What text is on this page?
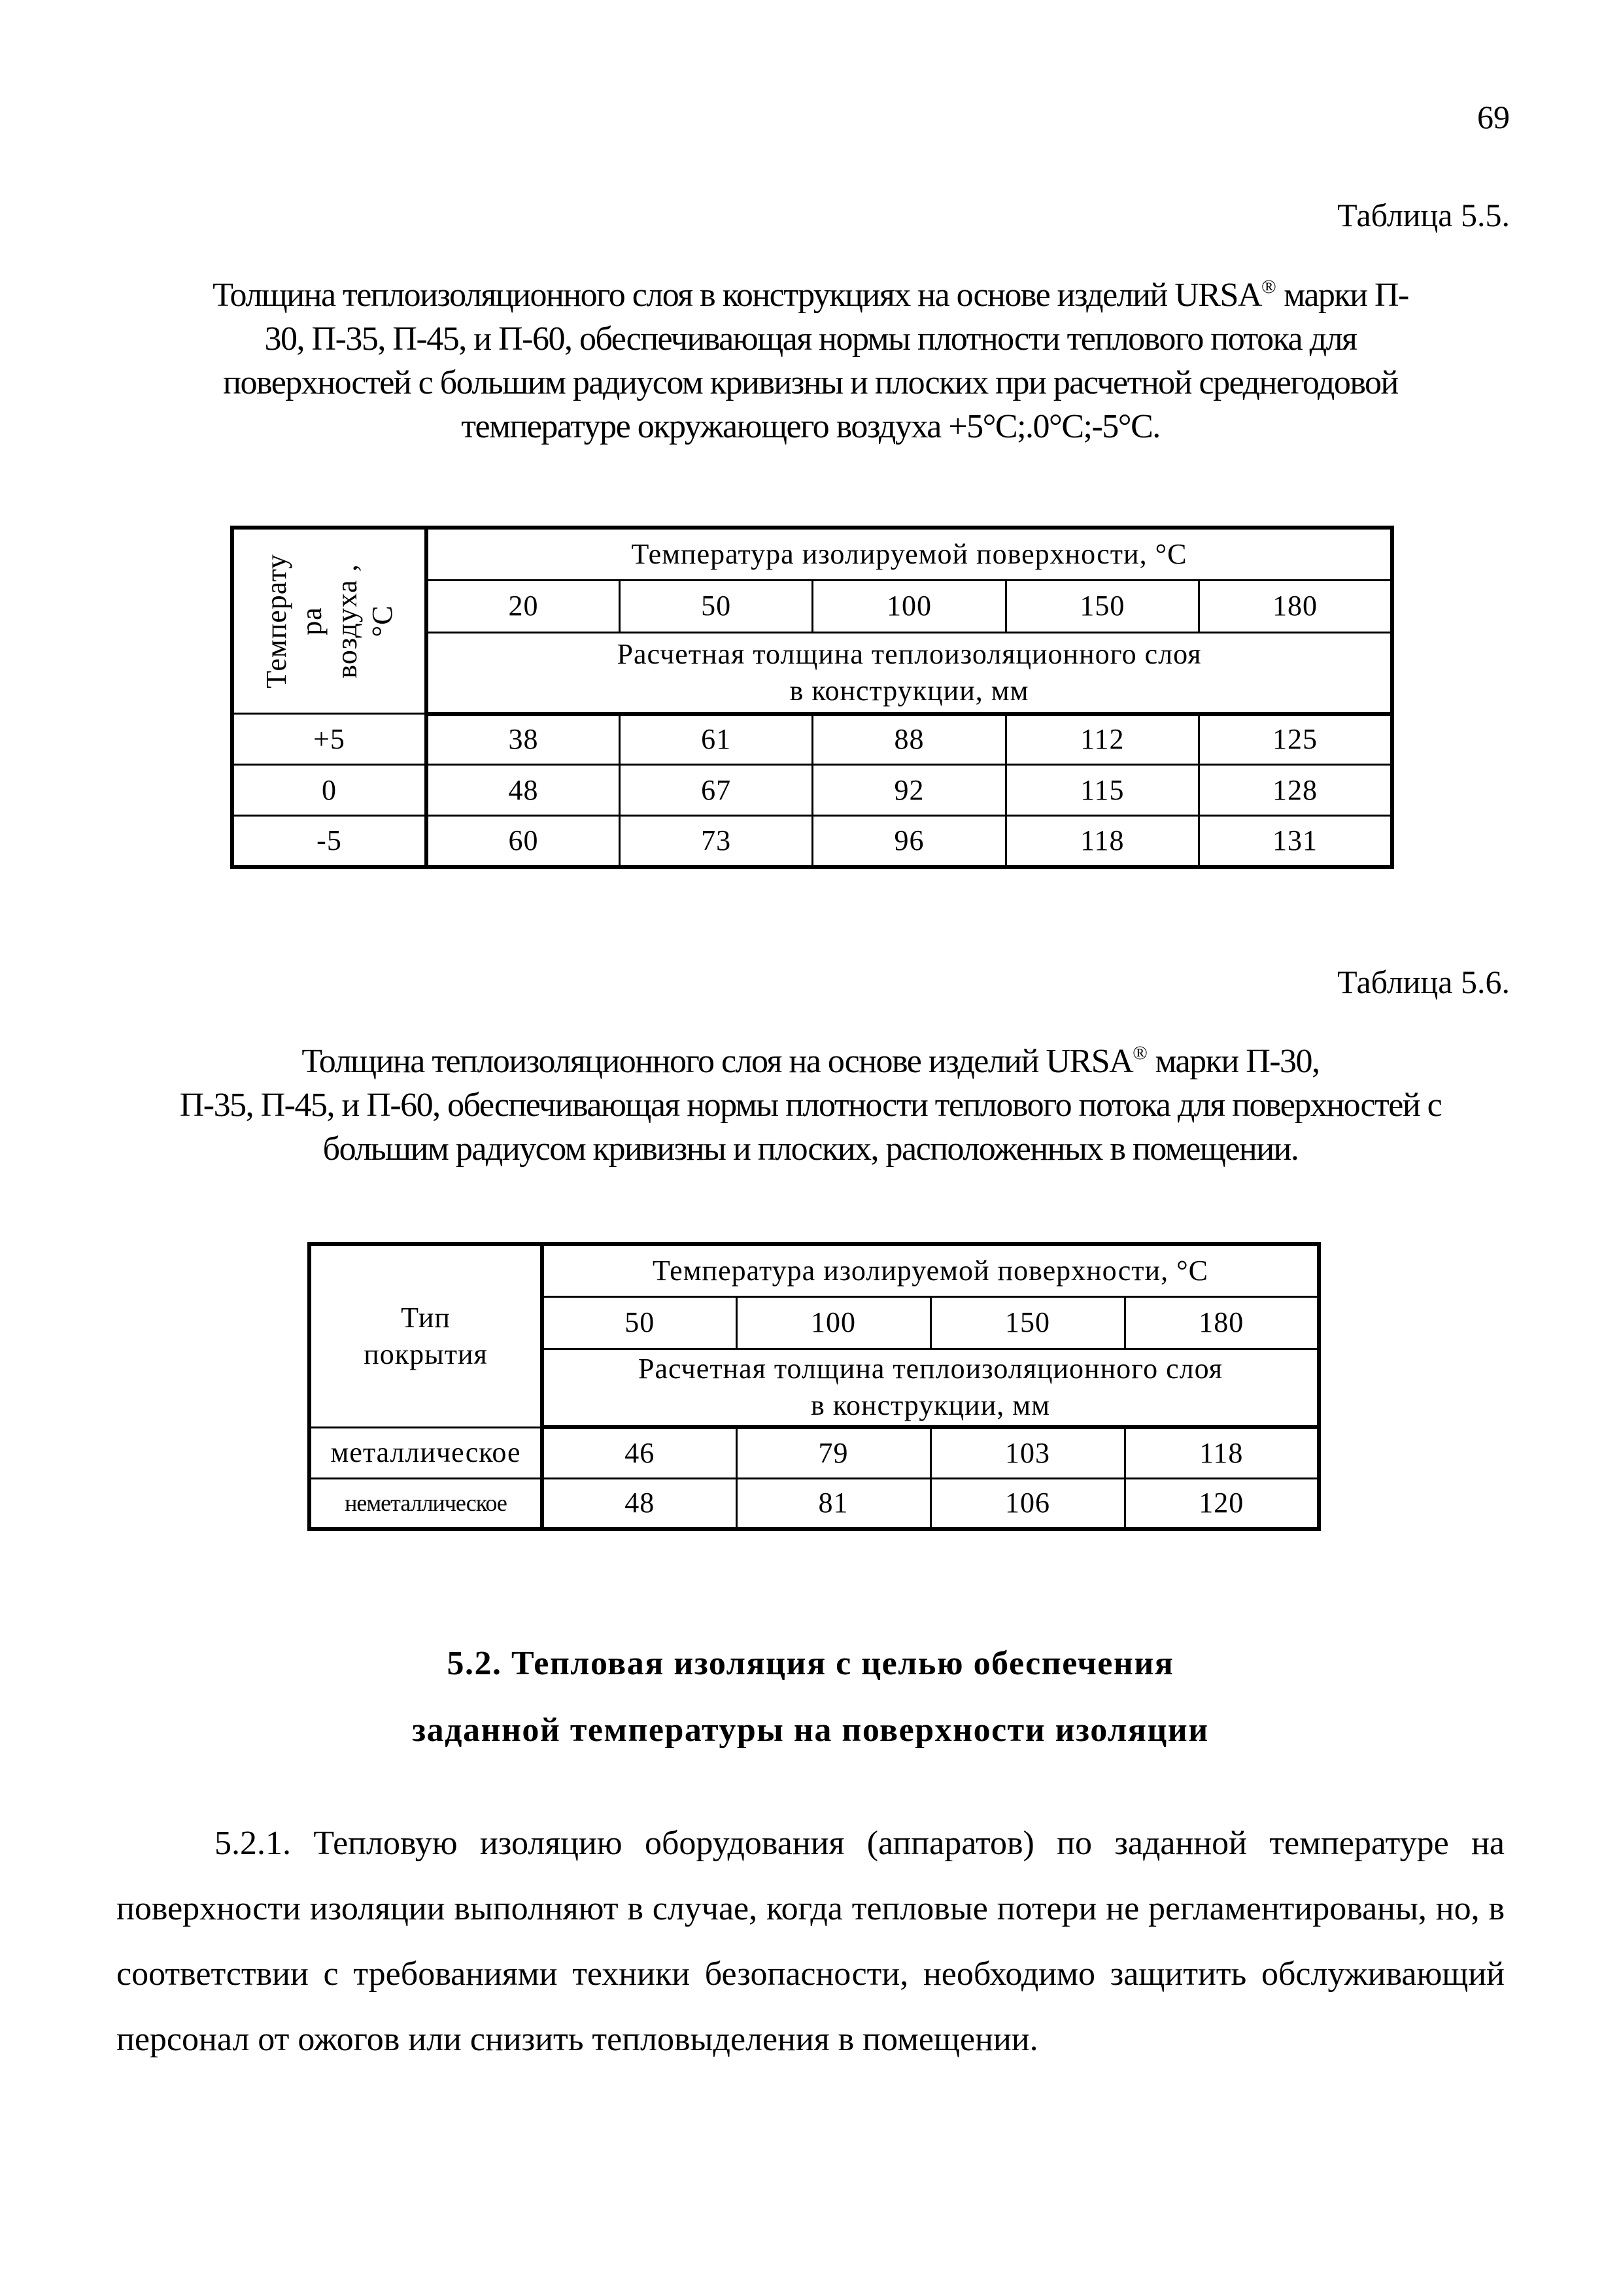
69
Таблица 5.5.
Толщина теплоизоляционного слоя в конструкциях на основе изделий URSA® марки П-
30, П-35, П-45, и П-60, обеспечивающая нормы плотности теплового потока для
поверхностей с большим радиусом кривизны и плоских при расчетной среднегодовой
температуре окружающего воздуха +5°С;.0°С;-5°С.
Температу ра воздуха , °С	Температура изолируемой поверхности, °С				
	20	50	100	150	180

	Расчетная толщина теплоизоляционного слоя
в конструкции, мм				

+5	38	61	88	112	125
0	48	67	92	115	128
-5	60	73	96	118	131
Таблица 5.6.
Толщина теплоизоляционного слоя на основе изделий URSA® марки П-30,
П-35, П-45, и П-60, обеспечивающая нормы плотности теплового потока для поверхностей с
большим радиусом кривизны и плоских, расположенных в помещении.
Тип
покрытия	Температура изолируемой поверхности, °С			
	50	100	150	180

	Расчетная толщина теплоизоляционного слоя
в конструкции, мм			

металлическое	46	79	103	118
неметаллическое	48	81	106	120
5.2. Тепловая изоляция с целью обеспечения
заданной температуры на поверхности изоляции
5.2.1. Тепловую изоляцию оборудования (аппаратов) по заданной температуре на поверхности изоляции выполняют в случае, когда тепловые потери не регламентированы, но, в соответствии с требованиями техники безопасности, необходимо защитить обслуживающий персонал от ожогов или снизить тепловыделения в помещении.
